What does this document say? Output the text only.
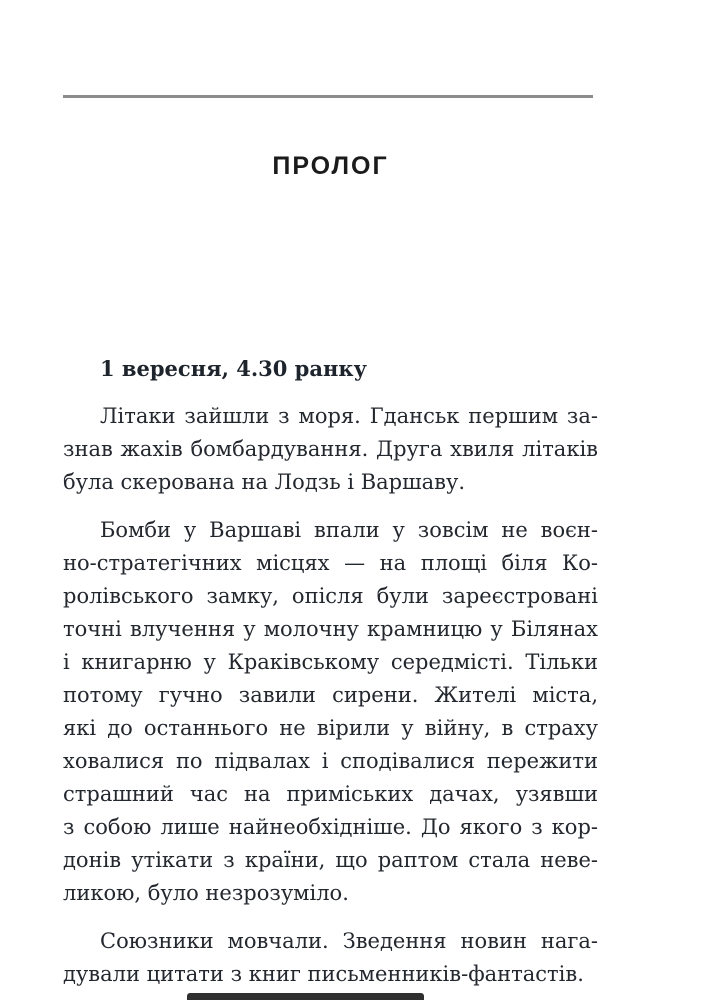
ПРОЛОГ
1 вересня, 4.30 ранку
Літаки зайшли з моря. Гданськ першим за-
знав жахів бомбардування. Друга хвиля літаків
була скерована на Лодзь і Варшаву.
Бомби у Варшаві впали у зовсім не воєн-
но-стратегічних місцях — на площі біля Ко-
ролівського замку, опісля були зареєстровані
точні влучення у молочну крамницю у Білянах
і книгарню у Краківському середмісті. Тільки
потому гучно завили сирени. Жителі міста,
які до останнього не вірили у війну, в страху
ховалися по підвалах і сподівалися пережити
страшний час на приміських дачах, узявши
з собою лише найнеобхідніше. До якого з кор-
донів утікати з країни, що раптом стала неве-
ликою, було незрозуміло.
Союзники мовчали. Зведення новин нага-
дували цитати з книг письменників-фантастів.
